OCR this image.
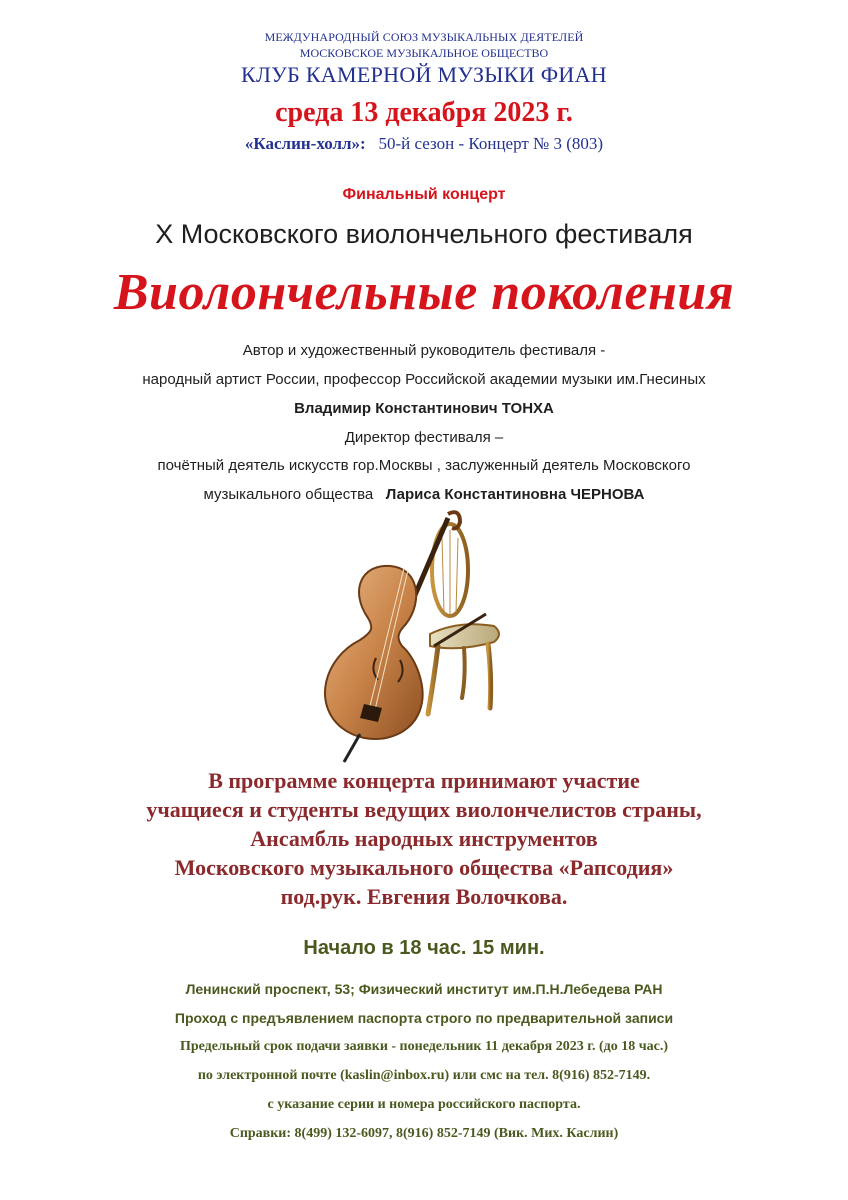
МЕЖДУНАРОДНЫЙ СОЮЗ МУЗЫКАЛЬНЫХ ДЕЯТЕЛЕЙ
МОСКОВСКОЕ МУЗЫКАЛЬНОЕ ОБЩЕСТВО
КЛУБ КАМЕРНОЙ МУЗЫКИ ФИАН
среда 13 декабря 2023 г.
«Каслин-холл»: 50-й сезон - Концерт № 3 (803)
Финальный концерт
X Московского виолончельного фестиваля
Виолончельные поколения
Автор и художественный руководитель фестиваля -
народный артист России, профессор Российской академии музыки им.Гнесиных
Владимир Константинович ТОНХА
Директор фестиваля –
почётный деятель искусств гор.Москвы , заслуженный деятель Московского
музыкального общества Лариса Константиновна ЧЕРНОВА
В программе концерта принимают участие
учащиеся и студенты ведущих виолончелистов страны,
Ансамбль народных инструментов
Московского музыкального общества «Рапсодия»
под.рук. Евгения Волочкова.
Начало в 18 час. 15 мин.
Ленинский проспект, 53; Физический институт им.П.Н.Лебедева РАН
Проход с предъявлением паспорта строго по предварительной записи
Предельный срок подачи заявки - понедельник 11 декабря 2023 г. (до 18 час.)
по электронной почте (kaslin@inbox.ru) или смс на тел. 8(916) 852-7149.
с указание серии и номера российского паспорта.
Справки: 8(499) 132-6097, 8(916) 852-7149 (Вик. Мих. Каслин)
